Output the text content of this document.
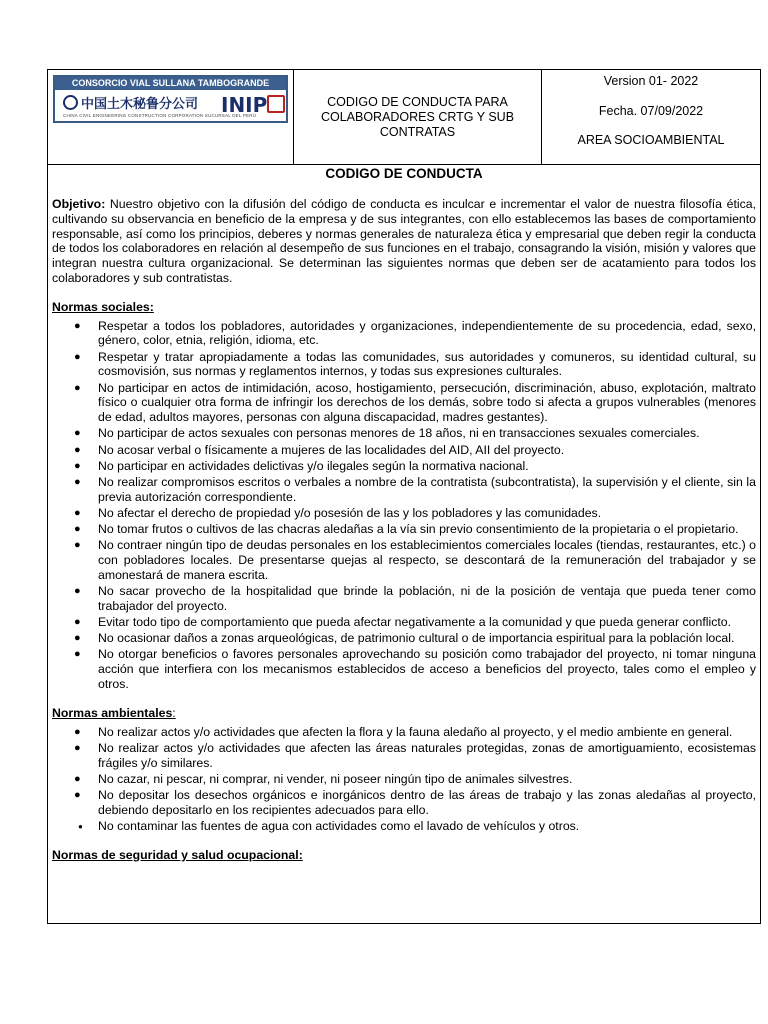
CONSORCIO VIAL SULLANA TAMBOGRANDE
中国土木秘鲁分公司
CHINA CIVIL ENGINEERING CONSTRUCTION CORPORATION SUCURSAL DEL PERÚ
INIP	CODIGO DE CONDUCTA PARA COLABORADORES CRTG Y SUB CONTRATAS
Version 01- 2022
Fecha. 07/09/2022
AREA SOCIOAMBIENTAL
CODIGO DE CONDUCTA
Objetivo: Nuestro objetivo con la difusión del código de conducta es inculcar e incrementar el valor de nuestra filosofía ética, cultivando su observancia en beneficio de la empresa y de sus integrantes, con ello establecemos las bases de comportamiento responsable, así como los principios, deberes y normas generales de naturaleza ética y empresarial que deben regir la conducta de todos los colaboradores en relación al desempeño de sus funciones en el trabajo, consagrando la visión, misión y valores que integran nuestra cultura organizacional. Se determinan las siguientes normas que deben ser de acatamiento para todos los colaboradores y sub contratistas.
Normas sociales:
● Respetar a todos los pobladores, autoridades y organizaciones, independientemente de su procedencia, edad, sexo, género, color, etnia, religión, idioma, etc.
● Respetar y tratar apropiadamente a todas las comunidades, sus autoridades y comuneros, su identidad cultural, su cosmovisión, sus normas y reglamentos internos, y todas sus expresiones culturales.
● No participar en actos de intimidación, acoso, hostigamiento, persecución, discriminación, abuso, explotación, maltrato físico o cualquier otra forma de infringir los derechos de los demás, sobre todo si afecta a grupos vulnerables (menores de edad, adultos mayores, personas con alguna discapacidad, madres gestantes).
● No participar de actos sexuales con personas menores de 18 años, ni en transacciones sexuales comerciales.
● No acosar verbal o físicamente a mujeres de las localidades del AID, AII del proyecto.
● No participar en actividades delictivas y/o ilegales según la normativa nacional.
● No realizar compromisos escritos o verbales a nombre de la contratista (subcontratista), la supervisión y el cliente, sin la previa autorización correspondiente.
● No afectar el derecho de propiedad y/o posesión de las y los pobladores y las comunidades.
● No tomar frutos o cultivos de las chacras aledañas a la vía sin previo consentimiento de la propietaria o el propietario.
● No contraer ningún tipo de deudas personales en los establecimientos comerciales locales (tiendas, restaurantes, etc.) o con pobladores locales. De presentarse quejas al respecto, se descontará de la remuneración del trabajador y se amonestará de manera escrita.
● No sacar provecho de la hospitalidad que brinde la población, ni de la posición de ventaja que pueda tener como trabajador del proyecto.
● Evitar todo tipo de comportamiento que pueda afectar negativamente a la comunidad y que pueda generar conflicto.
● No ocasionar daños a zonas arqueológicas, de patrimonio cultural o de importancia espiritual para la población local.
● No otorgar beneficios o favores personales aprovechando su posición como trabajador del proyecto, ni tomar ninguna acción que interfiera con los mecanismos establecidos de acceso a beneficios del proyecto, tales como el empleo y otros.
Normas ambientales:
● No realizar actos y/o actividades que afecten la flora y la fauna aledaño al proyecto, y el medio ambiente en general.
● No realizar actos y/o actividades que afecten las áreas naturales protegidas, zonas de amortiguamiento, ecosistemas frágiles y/o similares.
● No cazar, ni pescar, ni comprar, ni vender, ni poseer ningún tipo de animales silvestres.
● No depositar los desechos orgánicos e inorgánicos dentro de las áreas de trabajo y las zonas aledañas al proyecto, debiendo depositarlo en los recipientes adecuados para ello.
● No contaminar las fuentes de agua con actividades como el lavado de vehículos y otros.
Normas de seguridad y salud ocupacional:
